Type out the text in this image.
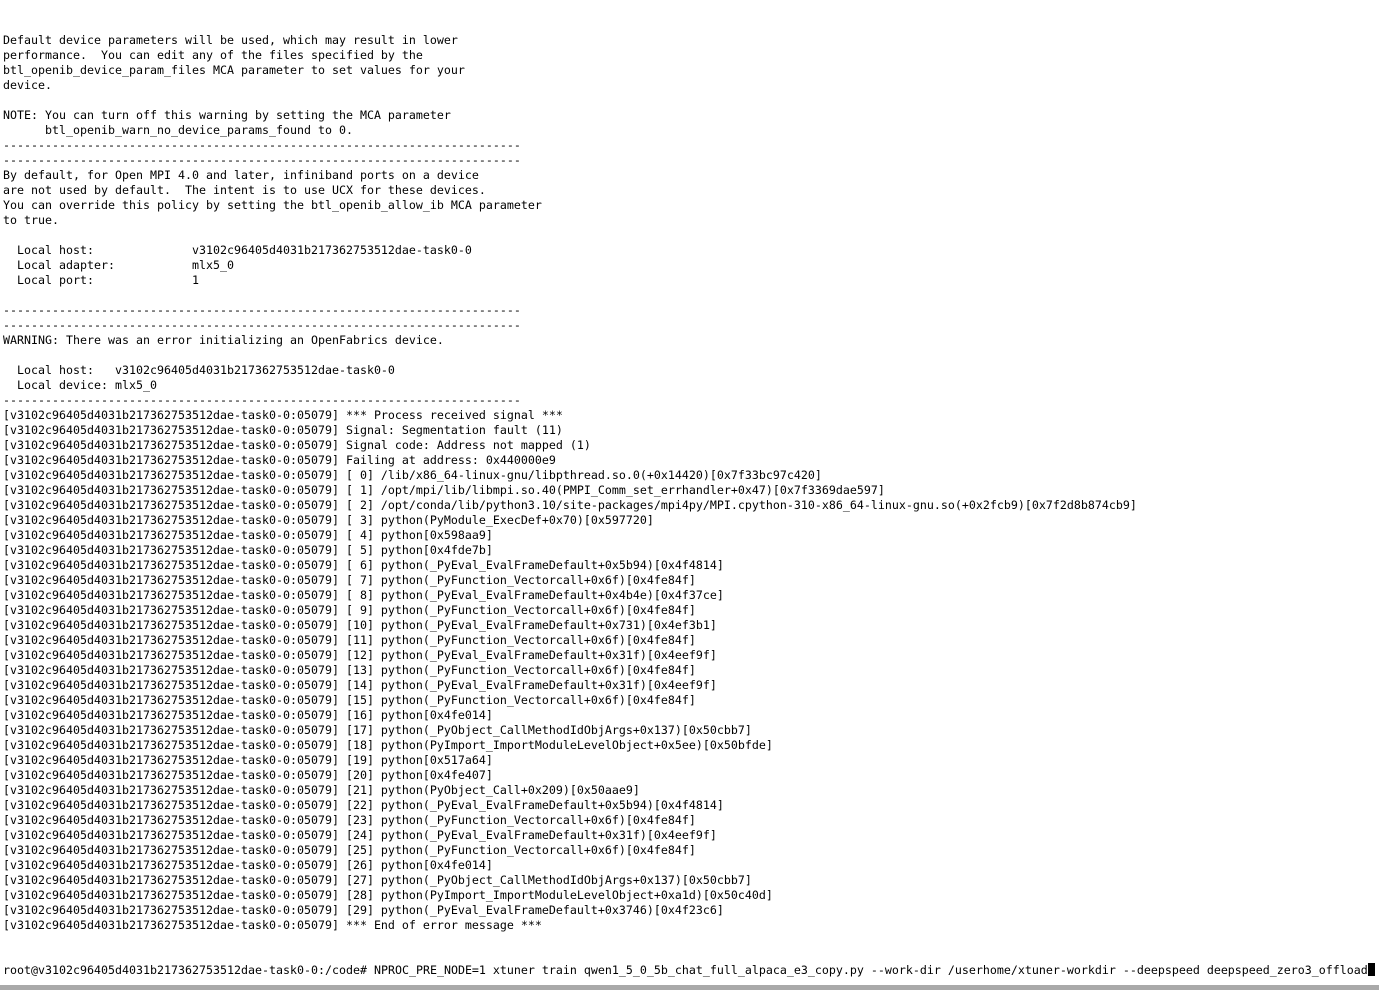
Default device parameters will be used, which may result in lower
performance.  You can edit any of the files specified by the
btl_openib_device_param_files MCA parameter to set values for your
device.
NOTE: You can turn off this warning by setting the MCA parameter
btl_openib_warn_no_device_params_found to 0.
--------------------------------------------------------------------------
--------------------------------------------------------------------------
By default, for Open MPI 4.0 and later, infiniband ports on a device
are not used by default.  The intent is to use UCX for these devices.
You can override this policy by setting the btl_openib_allow_ib MCA parameter
to true.
Local host:              v3102c96405d4031b217362753512dae-task0-0
Local adapter:           mlx5_0
Local port:              1
--------------------------------------------------------------------------
--------------------------------------------------------------------------
WARNING: There was an error initializing an OpenFabrics device.
Local host:   v3102c96405d4031b217362753512dae-task0-0
Local device: mlx5_0
--------------------------------------------------------------------------
[v3102c96405d4031b217362753512dae-task0-0:05079] *** Process received signal ***
[v3102c96405d4031b217362753512dae-task0-0:05079] Signal: Segmentation fault (11)
[v3102c96405d4031b217362753512dae-task0-0:05079] Signal code: Address not mapped (1)
[v3102c96405d4031b217362753512dae-task0-0:05079] Failing at address: 0x440000e9
[v3102c96405d4031b217362753512dae-task0-0:05079] [ 0] /lib/x86_64-linux-gnu/libpthread.so.0(+0x14420)[0x7f33bc97c420]
[v3102c96405d4031b217362753512dae-task0-0:05079] [ 1] /opt/mpi/lib/libmpi.so.40(PMPI_Comm_set_errhandler+0x47)[0x7f3369dae597]
[v3102c96405d4031b217362753512dae-task0-0:05079] [ 2] /opt/conda/lib/python3.10/site-packages/mpi4py/MPI.cpython-310-x86_64-linux-gnu.so(+0x2fcb9)[0x7f2d8b874cb9]
[v3102c96405d4031b217362753512dae-task0-0:05079] [ 3] python(PyModule_ExecDef+0x70)[0x597720]
[v3102c96405d4031b217362753512dae-task0-0:05079] [ 4] python[0x598aa9]
[v3102c96405d4031b217362753512dae-task0-0:05079] [ 5] python[0x4fde7b]
[v3102c96405d4031b217362753512dae-task0-0:05079] [ 6] python(_PyEval_EvalFrameDefault+0x5b94)[0x4f4814]
[v3102c96405d4031b217362753512dae-task0-0:05079] [ 7] python(_PyFunction_Vectorcall+0x6f)[0x4fe84f]
[v3102c96405d4031b217362753512dae-task0-0:05079] [ 8] python(_PyEval_EvalFrameDefault+0x4b4e)[0x4f37ce]
[v3102c96405d4031b217362753512dae-task0-0:05079] [ 9] python(_PyFunction_Vectorcall+0x6f)[0x4fe84f]
[v3102c96405d4031b217362753512dae-task0-0:05079] [10] python(_PyEval_EvalFrameDefault+0x731)[0x4ef3b1]
[v3102c96405d4031b217362753512dae-task0-0:05079] [11] python(_PyFunction_Vectorcall+0x6f)[0x4fe84f]
[v3102c96405d4031b217362753512dae-task0-0:05079] [12] python(_PyEval_EvalFrameDefault+0x31f)[0x4eef9f]
[v3102c96405d4031b217362753512dae-task0-0:05079] [13] python(_PyFunction_Vectorcall+0x6f)[0x4fe84f]
[v3102c96405d4031b217362753512dae-task0-0:05079] [14] python(_PyEval_EvalFrameDefault+0x31f)[0x4eef9f]
[v3102c96405d4031b217362753512dae-task0-0:05079] [15] python(_PyFunction_Vectorcall+0x6f)[0x4fe84f]
[v3102c96405d4031b217362753512dae-task0-0:05079] [16] python[0x4fe014]
[v3102c96405d4031b217362753512dae-task0-0:05079] [17] python(_PyObject_CallMethodIdObjArgs+0x137)[0x50cbb7]
[v3102c96405d4031b217362753512dae-task0-0:05079] [18] python(PyImport_ImportModuleLevelObject+0x5ee)[0x50bfde]
[v3102c96405d4031b217362753512dae-task0-0:05079] [19] python[0x517a64]
[v3102c96405d4031b217362753512dae-task0-0:05079] [20] python[0x4fe407]
[v3102c96405d4031b217362753512dae-task0-0:05079] [21] python(PyObject_Call+0x209)[0x50aae9]
[v3102c96405d4031b217362753512dae-task0-0:05079] [22] python(_PyEval_EvalFrameDefault+0x5b94)[0x4f4814]
[v3102c96405d4031b217362753512dae-task0-0:05079] [23] python(_PyFunction_Vectorcall+0x6f)[0x4fe84f]
[v3102c96405d4031b217362753512dae-task0-0:05079] [24] python(_PyEval_EvalFrameDefault+0x31f)[0x4eef9f]
[v3102c96405d4031b217362753512dae-task0-0:05079] [25] python(_PyFunction_Vectorcall+0x6f)[0x4fe84f]
[v3102c96405d4031b217362753512dae-task0-0:05079] [26] python[0x4fe014]
[v3102c96405d4031b217362753512dae-task0-0:05079] [27] python(_PyObject_CallMethodIdObjArgs+0x137)[0x50cbb7]
[v3102c96405d4031b217362753512dae-task0-0:05079] [28] python(PyImport_ImportModuleLevelObject+0xa1d)[0x50c40d]
[v3102c96405d4031b217362753512dae-task0-0:05079] [29] python(_PyEval_EvalFrameDefault+0x3746)[0x4f23c6]
[v3102c96405d4031b217362753512dae-task0-0:05079] *** End of error message ***

root@v3102c96405d4031b217362753512dae-task0-0:/code# NPROC_PRE_NODE=1 xtuner train qwen1_5_0_5b_chat_full_alpaca_e3_copy.py --work-dir /userhome/xtuner-workdir --deepspeed deepspeed_zero3_offload
